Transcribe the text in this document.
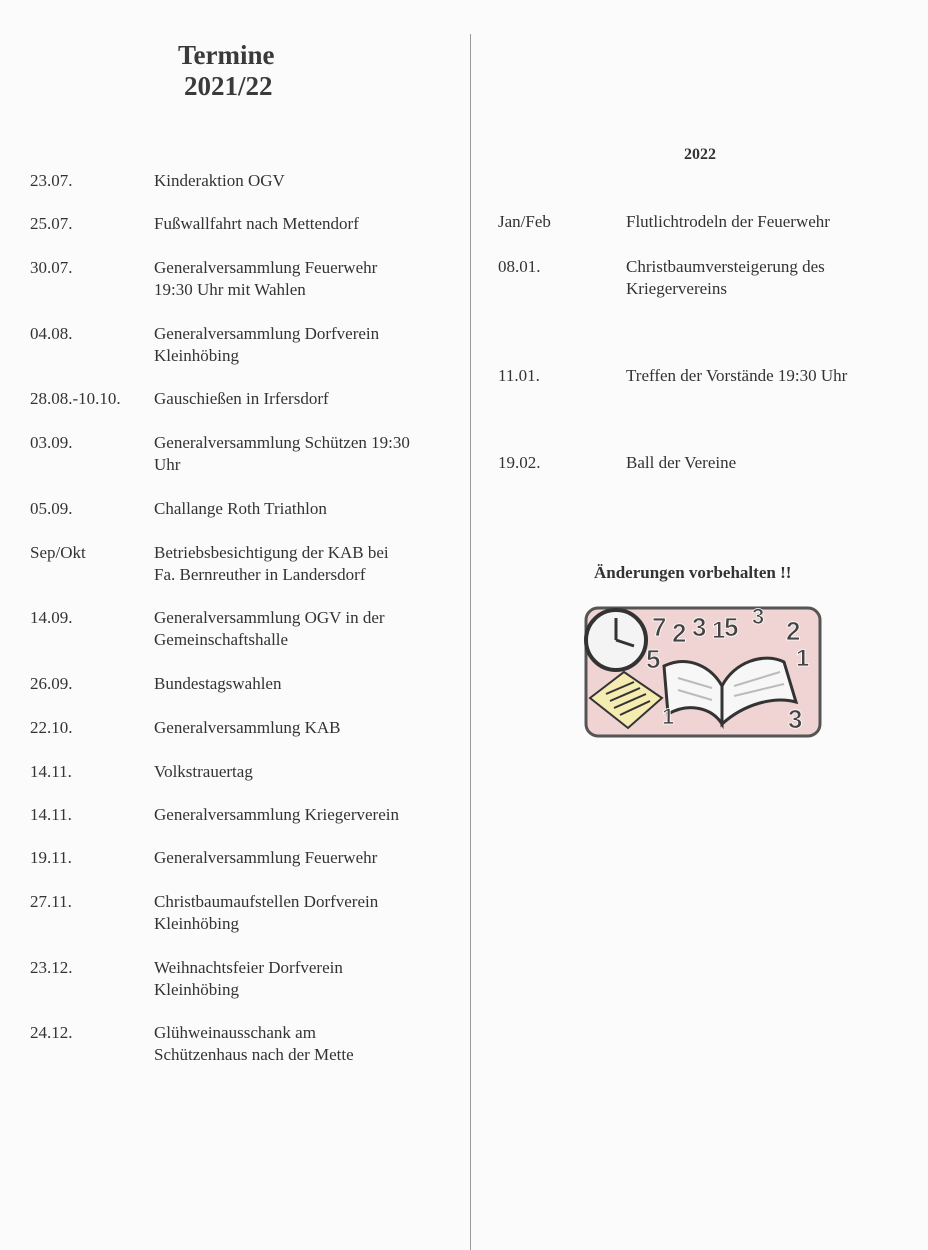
Termine
2021/22
23.07.	Kinderaktion OGV
25.07.	Fußwallfahrt nach Mettendorf
30.07.	Generalversammlung Feuerwehr
19:30 Uhr mit Wahlen
04.08.	Generalversammlung Dorfverein
Kleinhöbing
28.08.-10.10. Gauschießen in Irfersdorf
03.09.	Generalversammlung Schützen 19:30
Uhr
05.09.	Challange Roth Triathlon
Sep/Okt	Betriebsbesichtigung der KAB bei
Fa. Bernreuther in Landersdorf
14.09.	Generalversammlung OGV in der
Gemeinschaftshalle
26.09.	Bundestagswahlen
22.10.	Generalversammlung KAB
14.11.	Volkstrauertag
14.11.	Generalversammlung Kriegerverein
19.11.	Generalversammlung Feuerwehr
27.11.	Christbaumaufstellen Dorfverein
Kleinhöbing
23.12.	Weihnachtsfeier Dorfverein
Kleinhöbing
24.12.	Glühweinausschank am
Schützenhaus nach der Mette
2022
Jan/Feb	Flutlichtrodeln der Feuerwehr
08.01.	Christbaumversteigerung des
Kriegervereins
11.01.	Treffen der Vorstände 19:30 Uhr
19.02.	Ball der Vereine
Änderungen vorbehalten !!
7 2 3 1
5 3 2
1
5
1	3
